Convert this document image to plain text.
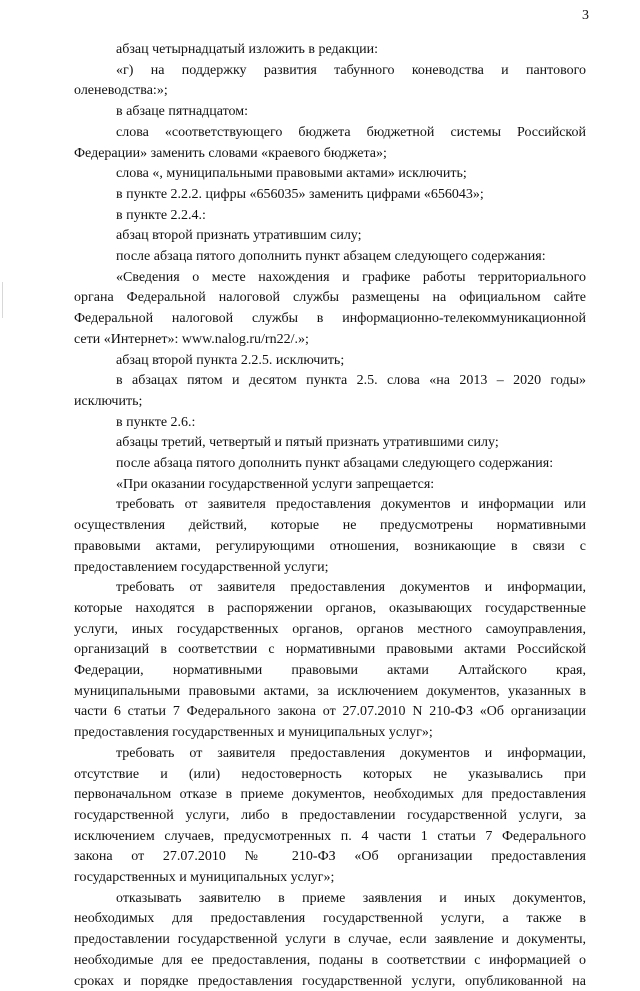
3
абзац четырнадцатый изложить в редакции:
«г) на поддержку развития табунного коневодства и пантового
оленеводства:»;
в абзаце пятнадцатом:
слова «соответствующего бюджета бюджетной системы Российской
Федерации» заменить словами «краевого бюджета»;
слова «, муниципальными правовыми актами» исключить;
в пункте 2.2.2. цифры «656035» заменить цифрами «656043»;
в пункте 2.2.4.:
абзац второй признать утратившим силу;
после абзаца пятого дополнить пункт абзацем следующего содержания:
«Сведения о месте нахождения и графике работы территориального
органа Федеральной налоговой службы размещены на официальном сайте
Федеральной налоговой службы в информационно-телекоммуникационной
сети «Интернет»: www.nalog.ru/rn22/.»;
абзац второй пункта 2.2.5. исключить;
в абзацах пятом и десятом пункта 2.5. слова «на 2013 – 2020 годы»
исключить;
в пункте 2.6.:
абзацы третий, четвертый и пятый признать утратившими силу;
после абзаца пятого дополнить пункт абзацами следующего содержания:
«При оказании государственной услуги запрещается:
требовать от заявителя предоставления документов и информации или
осуществления действий, которые не предусмотрены нормативными
правовыми актами, регулирующими отношения, возникающие в связи с
предоставлением государственной услуги;
требовать от заявителя предоставления документов и информации,
которые находятся в распоряжении органов, оказывающих государственные
услуги, иных государственных органов, органов местного самоуправления,
организаций в соответствии с нормативными правовыми актами Российской
Федерации, нормативными правовыми актами Алтайского края,
муниципальными правовыми актами, за исключением документов, указанных в
части 6 статьи 7 Федерального закона от 27.07.2010 N 210-ФЗ «Об организации
предоставления государственных и муниципальных услуг»;
требовать от заявителя предоставления документов и информации,
отсутствие и (или) недостоверность которых не указывались при
первоначальном отказе в приеме документов, необходимых для предоставления
государственной услуги, либо в предоставлении государственной услуги, за
исключением случаев, предусмотренных п. 4 части 1 статьи 7 Федерального
закона от 27.07.2010 № 210-ФЗ «Об организации предоставления
государственных и муниципальных услуг»;
отказывать заявителю в приеме заявления и иных документов,
необходимых для предоставления государственной услуги, а также в
предоставлении государственной услуги в случае, если заявление и документы,
необходимые для ее предоставления, поданы в соответствии с информацией о
сроках и порядке предоставления государственной услуги, опубликованной на
